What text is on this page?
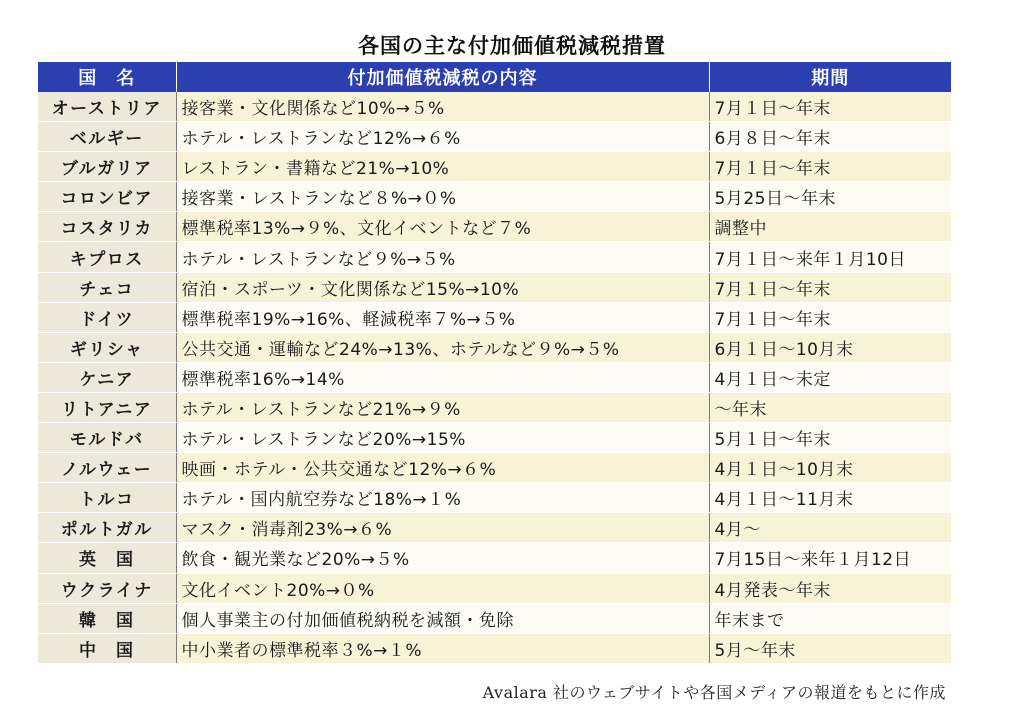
各国の主な付加価値税減税措置
国　名	付加価値税減税の内容	期間
オーストリア	接客業・文化関係など10%→５%	7月１日〜年末
ベルギー	ホテル・レストランなど12%→６%	6月８日〜年末
ブルガリア	レストラン・書籍など21%→10%	7月１日〜年末
コロンビア	接客業・レストランなど８%→０%	5月25日〜年末
コスタリカ	標準税率13%→９%、文化イベントなど７%	調整中
キプロス	ホテル・レストランなど９%→５%	7月１日〜来年１月10日
チェコ	宿泊・スポーツ・文化関係など15%→10%	7月１日〜年末
ドイツ	標準税率19%→16%、軽減税率７%→５%	7月１日〜年末
ギリシャ	公共交通・運輸など24%→13%、ホテルなど９%→５%	6月１日〜10月末
ケニア	標準税率16%→14%	4月１日〜未定
リトアニア	ホテル・レストランなど21%→９%	〜年末
モルドバ	ホテル・レストランなど20%→15%	5月１日〜年末
ノルウェー	映画・ホテル・公共交通など12%→６%	4月１日〜10月末
トルコ	ホテル・国内航空券など18%→１%	4月１日〜11月末
ポルトガル	マスク・消毒剤23%→６%	4月〜
英　国	飲食・観光業など20%→５%	7月15日〜来年１月12日
ウクライナ	文化イベント20%→０%	4月発表〜年末
韓　国	個人事業主の付加価値税納税を減額・免除	年末まで
中　国	中小業者の標準税率３%→１%	5月〜年末
Avalara 社のウェブサイトや各国メディアの報道をもとに作成
